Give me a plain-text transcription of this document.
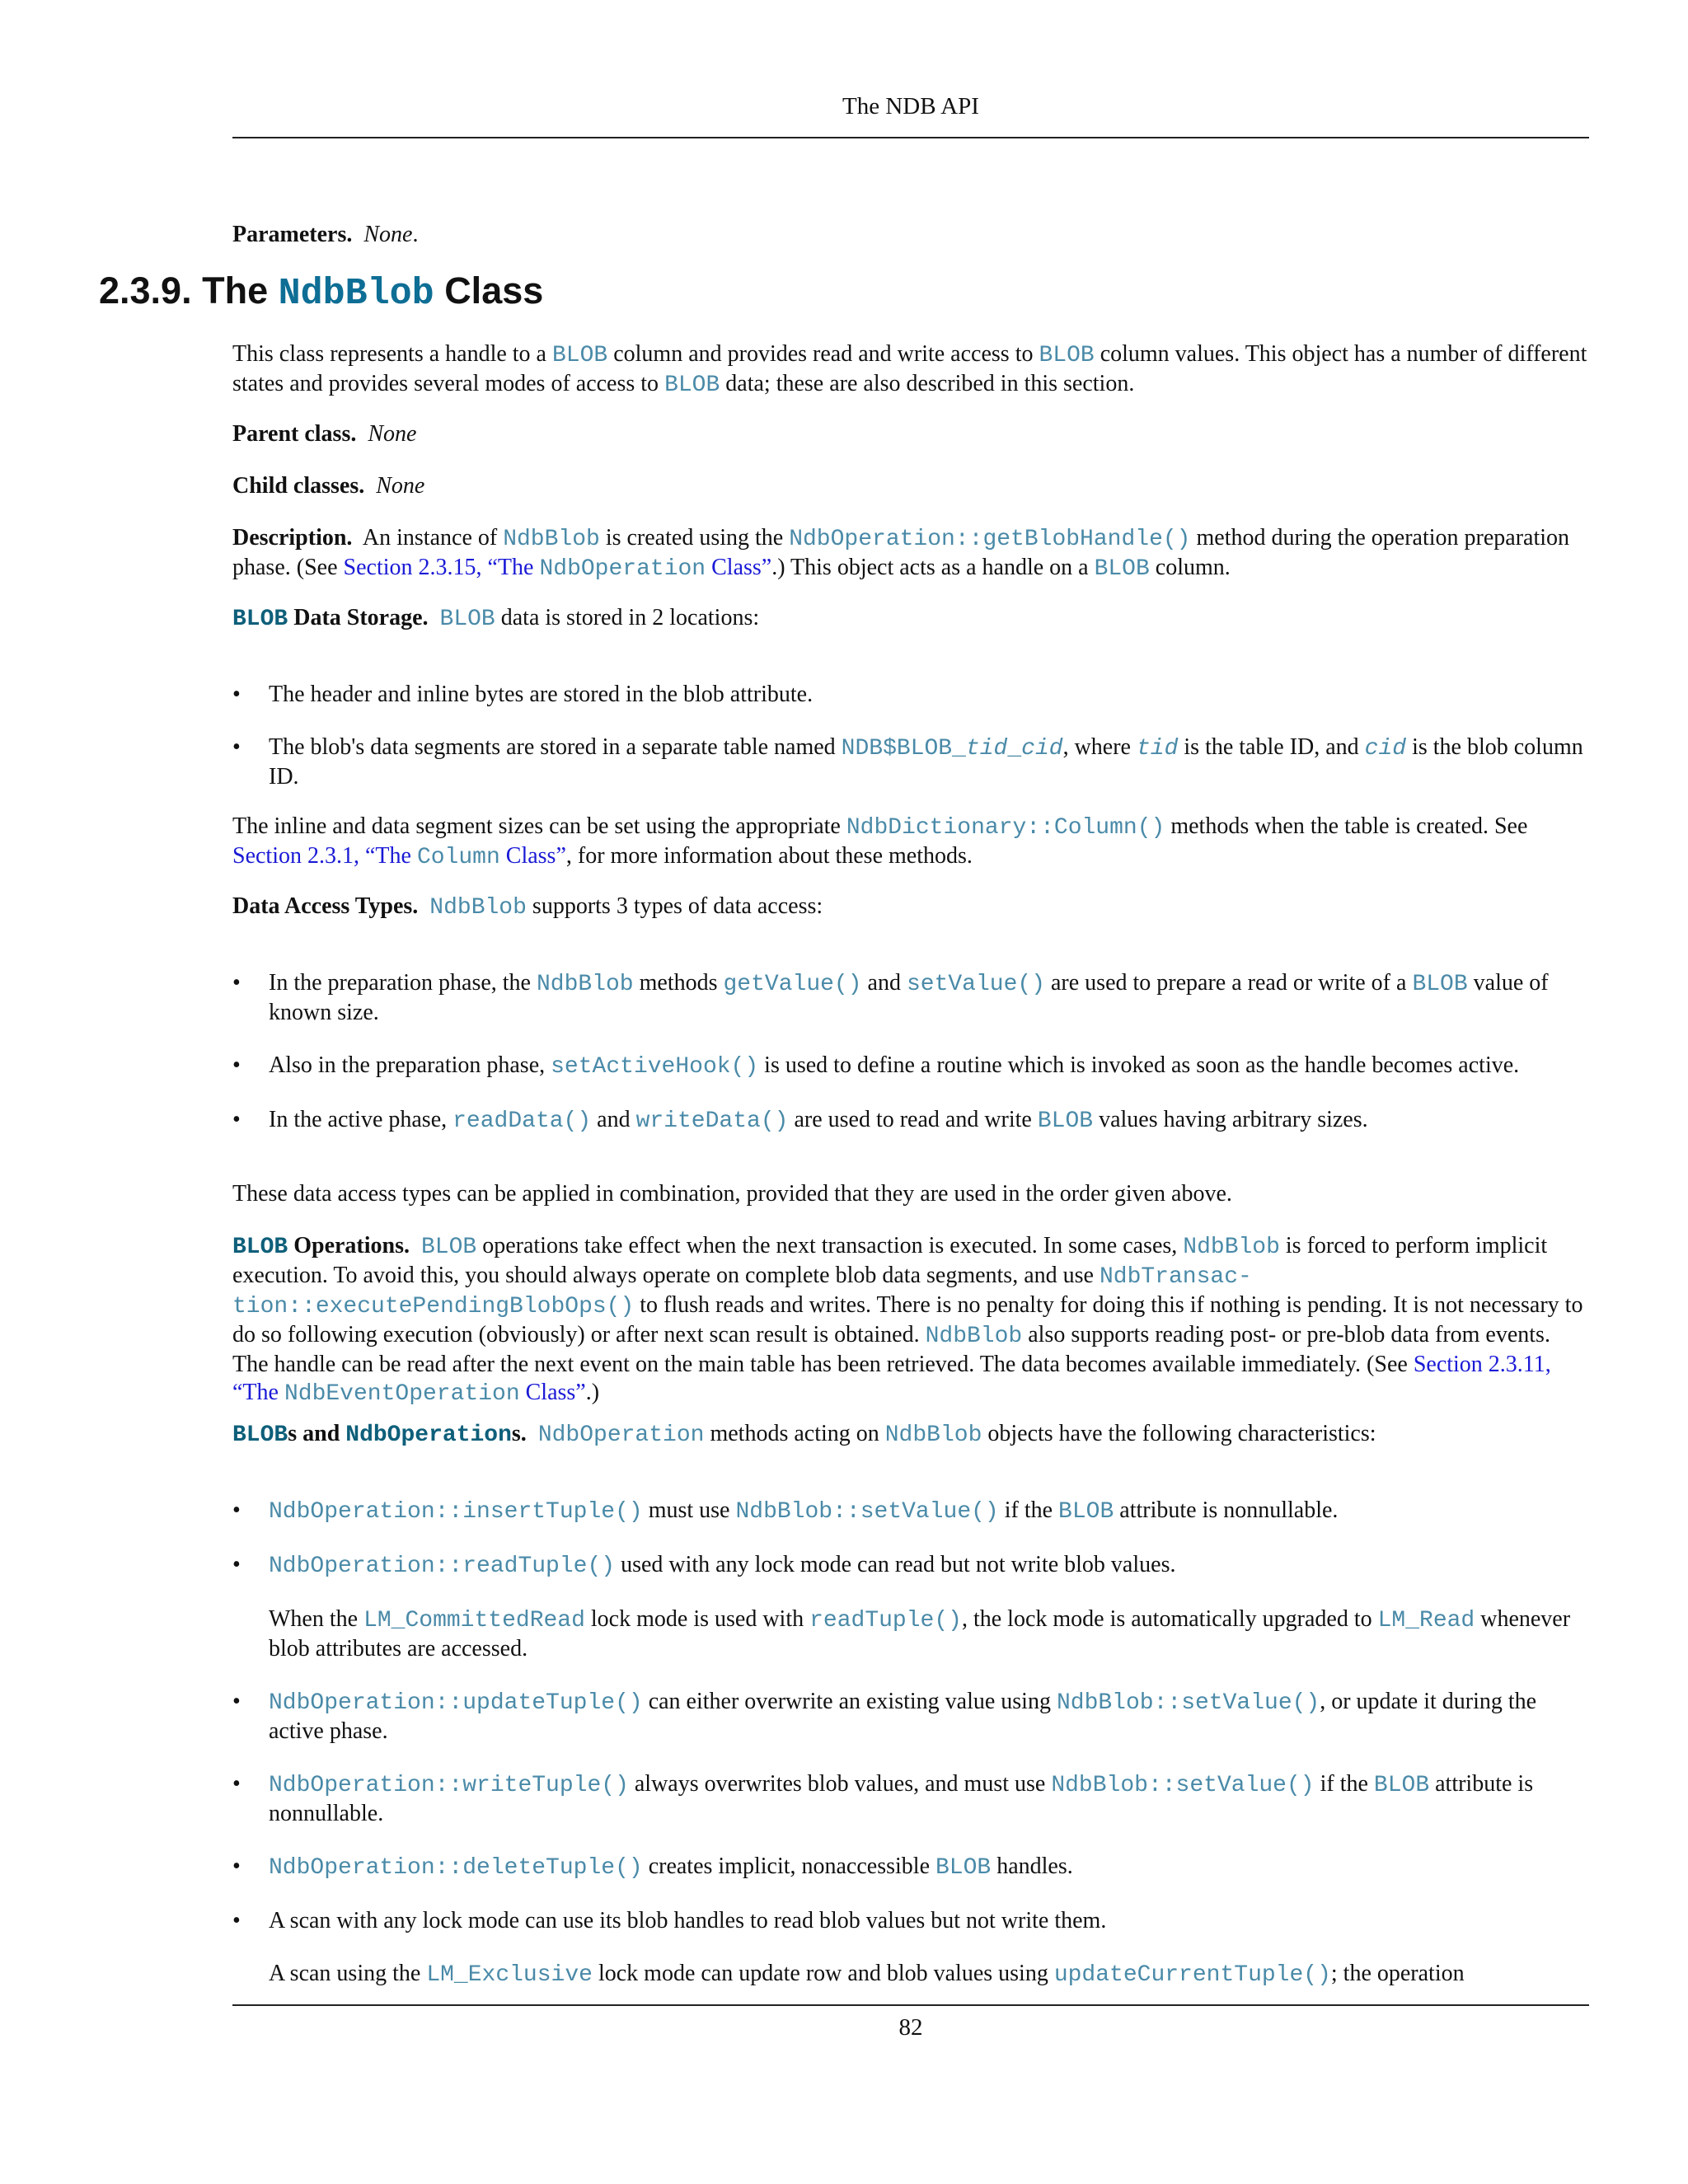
The NDB API

Parameters. None.

2.3.9. The NdbBlob Class

This class represents a handle to a BLOB column and provides read and write access to BLOB column values. This object has a number of different states and provides several modes of access to BLOB data; these are also described in this section.

Parent class. None

Child classes. None

Description. An instance of NdbBlob is created using the NdbOperation::getBlobHandle() method during the operation preparation phase. (See Section 2.3.15, “The NdbOperation Class”.) This object acts as a handle on a BLOB column.

BLOB Data Storage. BLOB data is stored in 2 locations:

• The header and inline bytes are stored in the blob attribute.
• The blob's data segments are stored in a separate table named NDB$BLOB_tid_cid, where tid is the table ID, and cid is the blob column ID.

The inline and data segment sizes can be set using the appropriate NdbDictionary::Column() methods when the table is created. See Section 2.3.1, “The Column Class”, for more information about these methods.

Data Access Types. NdbBlob supports 3 types of data access:

• In the preparation phase, the NdbBlob methods getValue() and setValue() are used to prepare a read or write of a BLOB value of known size.
• Also in the preparation phase, setActiveHook() is used to define a routine which is invoked as soon as the handle becomes active.
• In the active phase, readData() and writeData() are used to read and write BLOB values having arbitrary sizes.

These data access types can be applied in combination, provided that they are used in the order given above.

BLOB Operations. BLOB operations take effect when the next transaction is executed. In some cases, NdbBlob is forced to perform implicit execution. To avoid this, you should always operate on complete blob data segments, and use NdbTransaction::executePendingBlobOps() to flush reads and writes. There is no penalty for doing this if nothing is pending. It is not necessary to do so following execution (obviously) or after next scan result is obtained. NdbBlob also supports reading post- or pre-blob data from events. The handle can be read after the next event on the main table has been retrieved. The data becomes available immediately. (See Section 2.3.11, “The NdbEventOperation Class”.)

BLOBs and NdbOperations. NdbOperation methods acting on NdbBlob objects have the following characteristics:

• NdbOperation::insertTuple() must use NdbBlob::setValue() if the BLOB attribute is nonnullable.
• NdbOperation::readTuple() used with any lock mode can read but not write blob values.
When the LM_CommittedRead lock mode is used with readTuple(), the lock mode is automatically upgraded to LM_Read whenever blob attributes are accessed.
• NdbOperation::updateTuple() can either overwrite an existing value using NdbBlob::setValue(), or update it during the active phase.
• NdbOperation::writeTuple() always overwrites blob values, and must use NdbBlob::setValue() if the BLOB attribute is nonnullable.
• NdbOperation::deleteTuple() creates implicit, nonaccessible BLOB handles.
• A scan with any lock mode can use its blob handles to read blob values but not write them.
A scan using the LM_Exclusive lock mode can update row and blob values using updateCurrentTuple(); the operation
82
